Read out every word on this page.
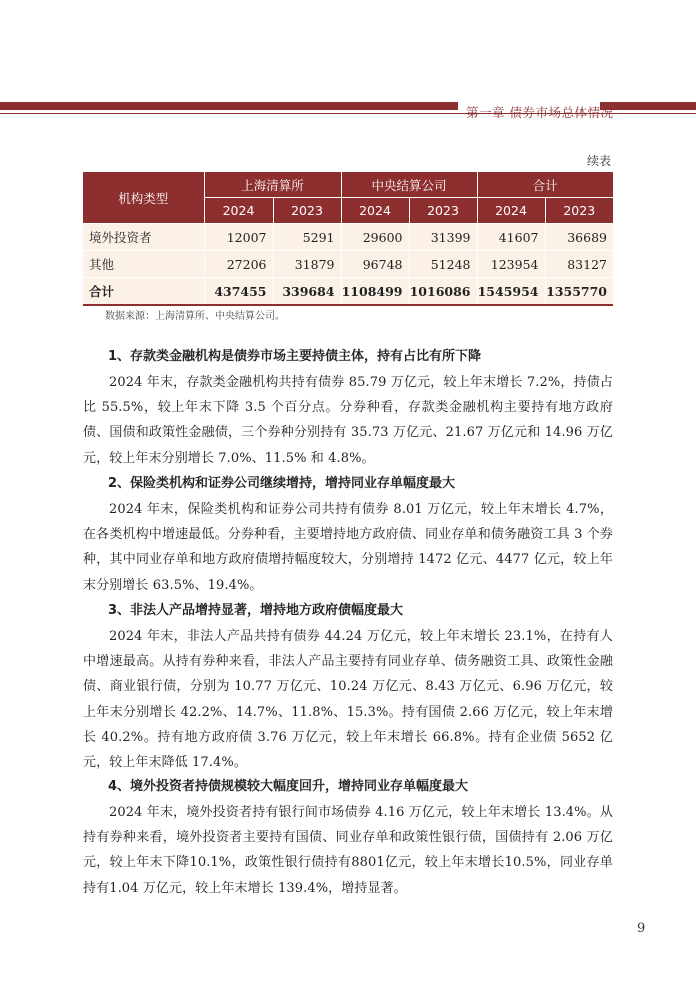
第一章 债券市场总体情况
续表
机构类型	上海清算所		中央结算公司		合计	
	2024	2023	2024	2023	2024	2023
境外投资者	12007	5291	29600	31399	41607	36689
其他	27206	31879	96748	51248	123954	83127
合计	437455	339684	1108499	1016086	1545954	1355770
数据来源：上海清算所、中央结算公司。
1、存款类金融机构是债券市场主要持债主体，持有占比有所下降

2024 年末，存款类金融机构共持有债券 85.79 万亿元，较上年末增长 7.2%，持债占比 55.5%，较上年末下降 3.5 个百分点。分券种看，存款类金融机构主要持有地方政府债、国债和政策性金融债，三个券种分别持有 35.73 万亿元、21.67 万亿元和 14.96 万亿元，较上年末分别增长 7.0%、11.5% 和 4.8%。

2、保险类机构和证券公司继续增持，增持同业存单幅度最大

2024 年末，保险类机构和证券公司共持有债券 8.01 万亿元，较上年末增长 4.7%，在各类机构中增速最低。分券种看，主要增持地方政府债、同业存单和债务融资工具 3 个券种，其中同业存单和地方政府债增持幅度较大，分别增持 1472 亿元、4477 亿元，较上年末分别增长 63.5%、19.4%。

3、非法人产品增持显著，增持地方政府债幅度最大

2024 年末，非法人产品共持有债券 44.24 万亿元，较上年末增长 23.1%，在持有人中增速最高。从持有券种来看，非法人产品主要持有同业存单、债务融资工具、政策性金融债、商业银行债，分别为 10.77 万亿元、10.24 万亿元、8.43 万亿元、6.96 万亿元，较上年末分别增长 42.2%、14.7%、11.8%、15.3%。持有国债 2.66 万亿元，较上年末增长 40.2%。持有地方政府债 3.76 万亿元，较上年末增长 66.8%。持有企业债 5652 亿元，较上年末降低 17.4%。

4、境外投资者持债规模较大幅度回升，增持同业存单幅度最大

2024 年末，境外投资者持有银行间市场债券 4.16 万亿元，较上年末增长 13.4%。从持有券种来看，境外投资者主要持有国债、同业存单和政策性银行债，国债持有 2.06 万亿元，较上年末下降10.1%，政策性银行债持有8801亿元，较上年末增长10.5%，同业存单持有1.04 万亿元，较上年末增长 139.4%，增持显著。

9
